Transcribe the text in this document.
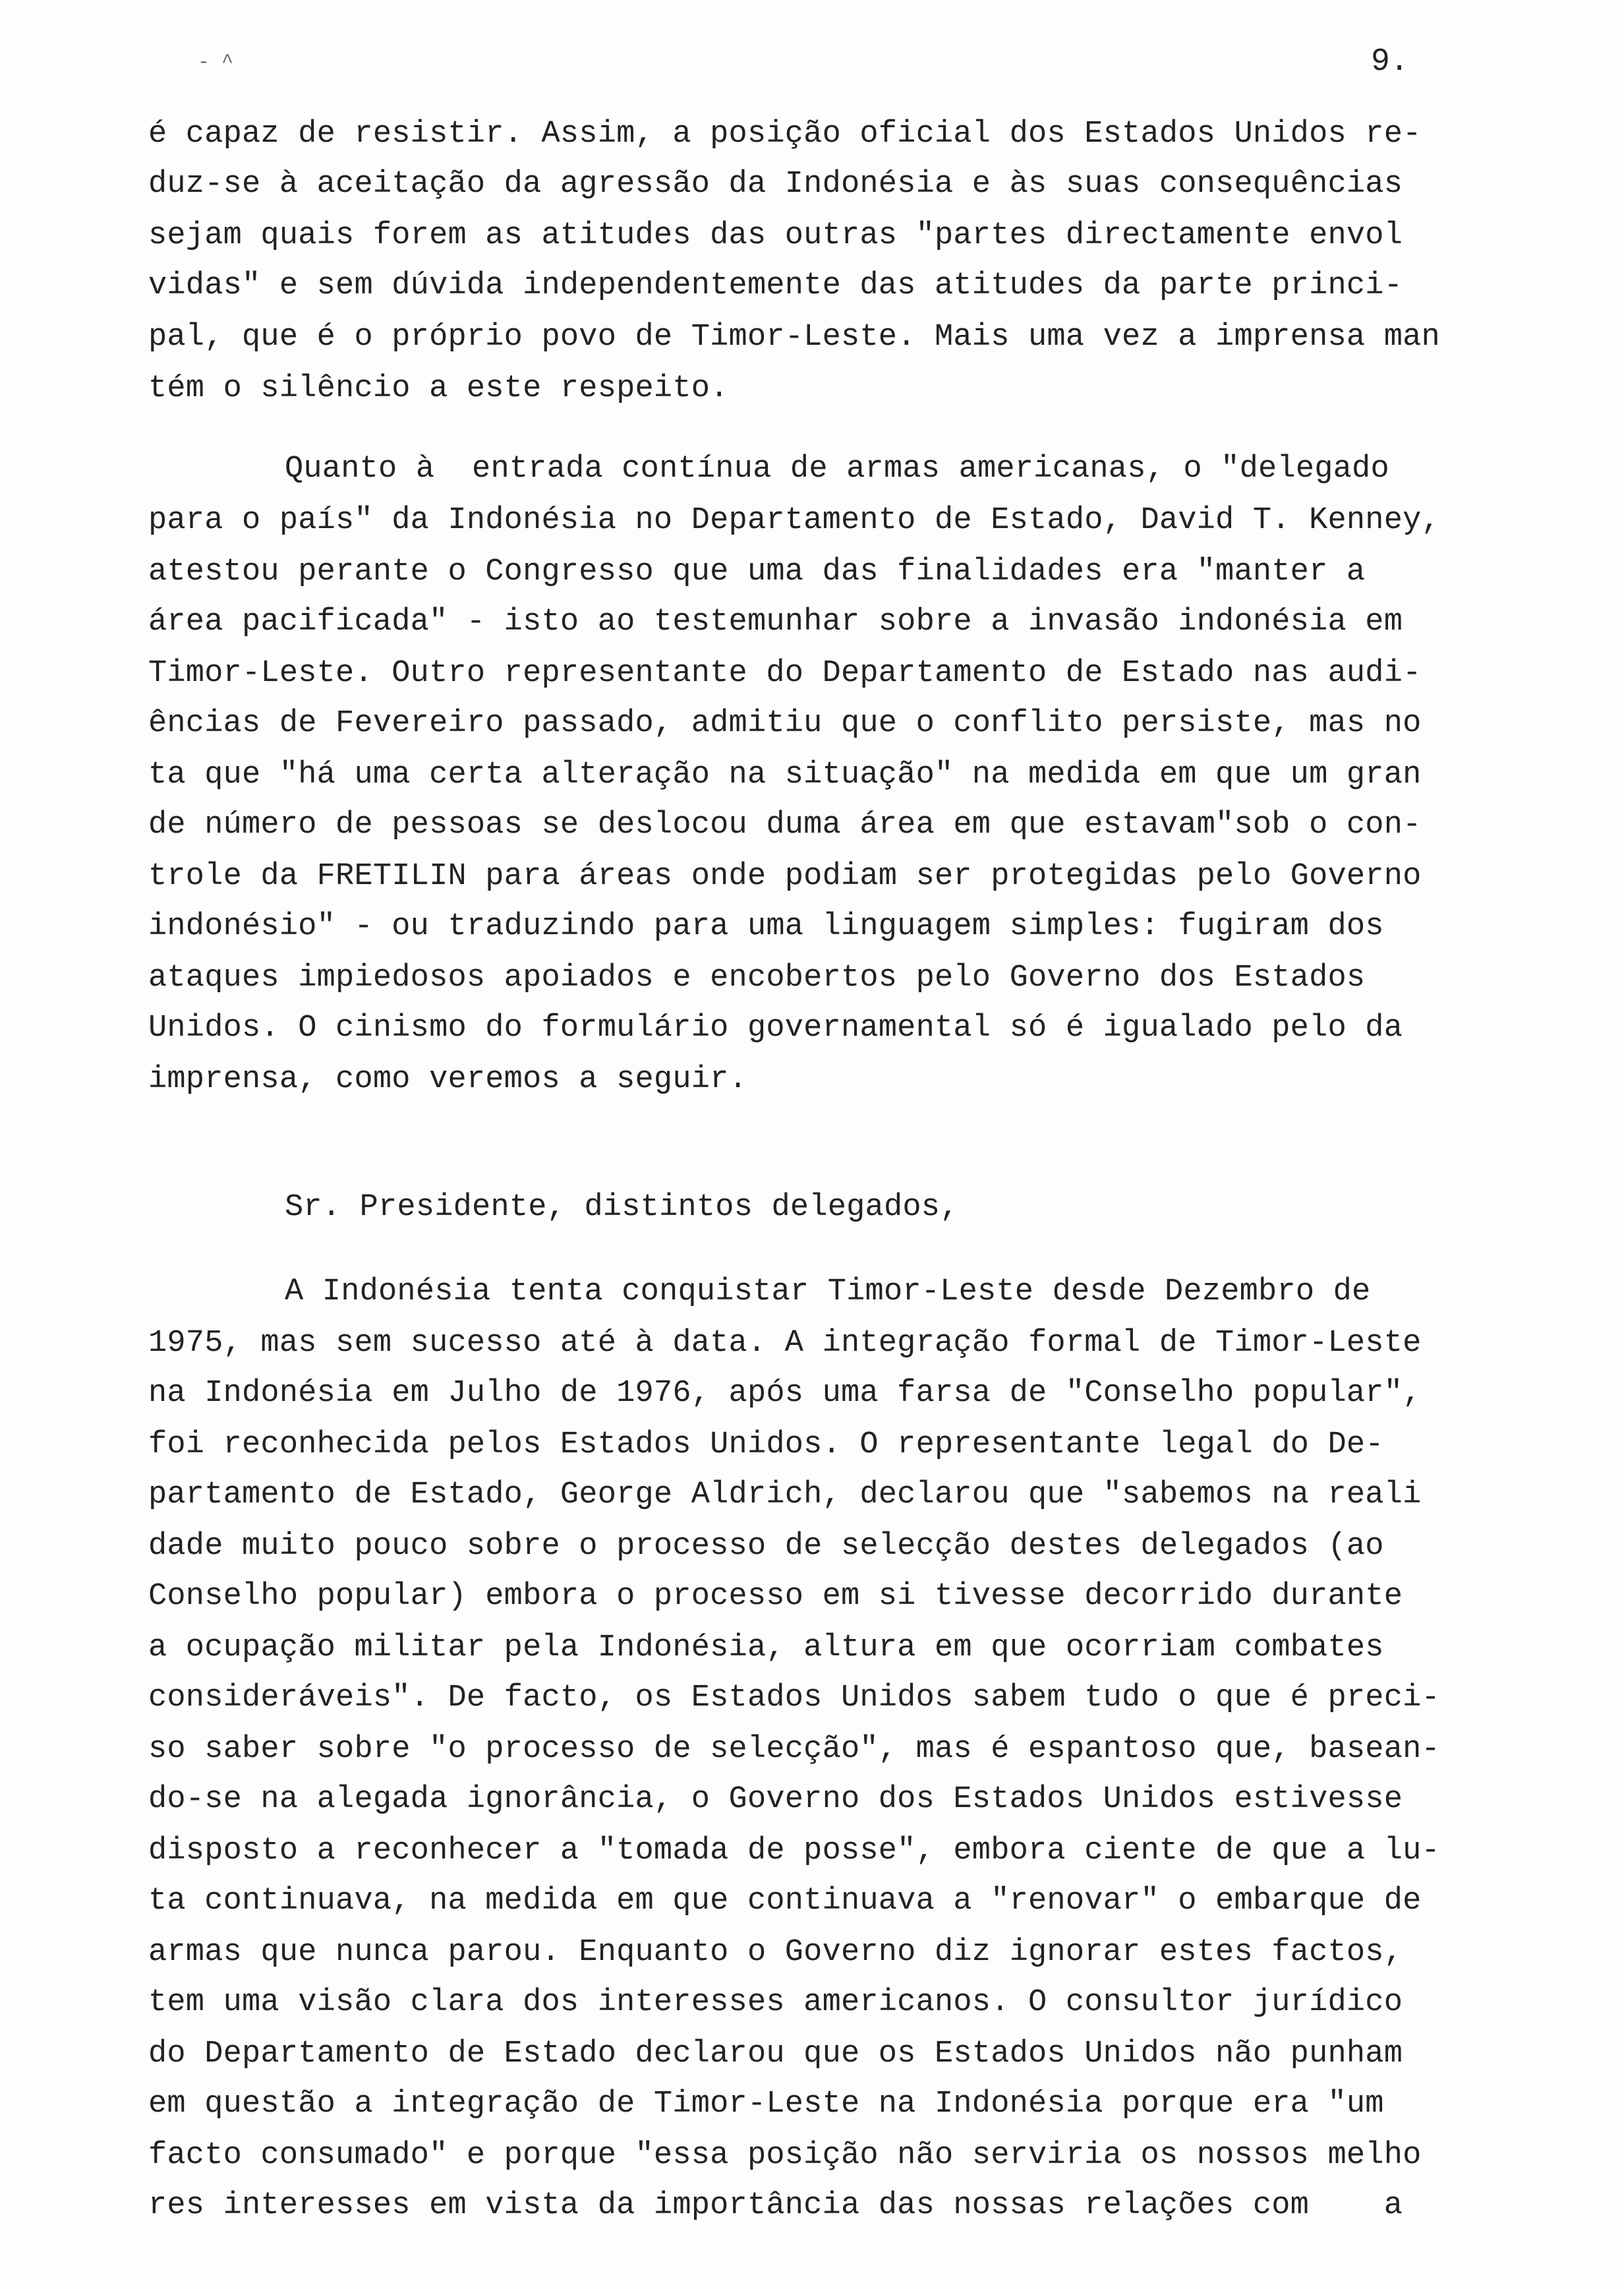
- ^	9.
é capaz de resistir. Assim, a posição oficial dos Estados Unidos re-
duz-se à aceitação da agressão da Indonésia e às suas consequências
sejam quais forem as atitudes das outras "partes directamente envol
vidas" e sem dúvida independentemente das atitudes da parte princi-
pal, que é o próprio povo de Timor-Leste. Mais uma vez a imprensa man
tém o silêncio a este respeito.
Quanto à  entrada contínua de armas americanas, o "delegado
para o país" da Indonésia no Departamento de Estado, David T. Kenney,
atestou perante o Congresso que uma das finalidades era "manter a
área pacificada" - isto ao testemunhar sobre a invasão indonésia em
Timor-Leste. Outro representante do Departamento de Estado nas audi-
ências de Fevereiro passado, admitiu que o conflito persiste, mas no
ta que "há uma certa alteração na situação" na medida em que um gran
de número de pessoas se deslocou duma área em que estavam"sob o con-
trole da FRETILIN para áreas onde podiam ser protegidas pelo Governo
indonésio" - ou traduzindo para uma linguagem simples: fugiram dos
ataques impiedosos apoiados e encobertos pelo Governo dos Estados
Unidos. O cinismo do formulário governamental só é igualado pelo da
imprensa, como veremos a seguir.
Sr. Presidente, distintos delegados,
A Indonésia tenta conquistar Timor-Leste desde Dezembro de
1975, mas sem sucesso até à data. A integração formal de Timor-Leste
na Indonésia em Julho de 1976, após uma farsa de "Conselho popular",
foi reconhecida pelos Estados Unidos. O representante legal do De-
partamento de Estado, George Aldrich, declarou que "sabemos na reali
dade muito pouco sobre o processo de selecção destes delegados (ao
Conselho popular) embora o processo em si tivesse decorrido durante
a ocupação militar pela Indonésia, altura em que ocorriam combates
consideráveis". De facto, os Estados Unidos sabem tudo o que é preci-
so saber sobre "o processo de selecção", mas é espantoso que, basean-
do-se na alegada ignorância, o Governo dos Estados Unidos estivesse
disposto a reconhecer a "tomada de posse", embora ciente de que a lu-
ta continuava, na medida em que continuava a "renovar" o embarque de
armas que nunca parou. Enquanto o Governo diz ignorar estes factos,
tem uma visão clara dos interesses americanos. O consultor jurídico
do Departamento de Estado declarou que os Estados Unidos não punham
em questão a integração de Timor-Leste na Indonésia porque era "um
facto consumado" e porque "essa posição não serviria os nossos melho
res interesses em vista da importância das nossas relações com    a
